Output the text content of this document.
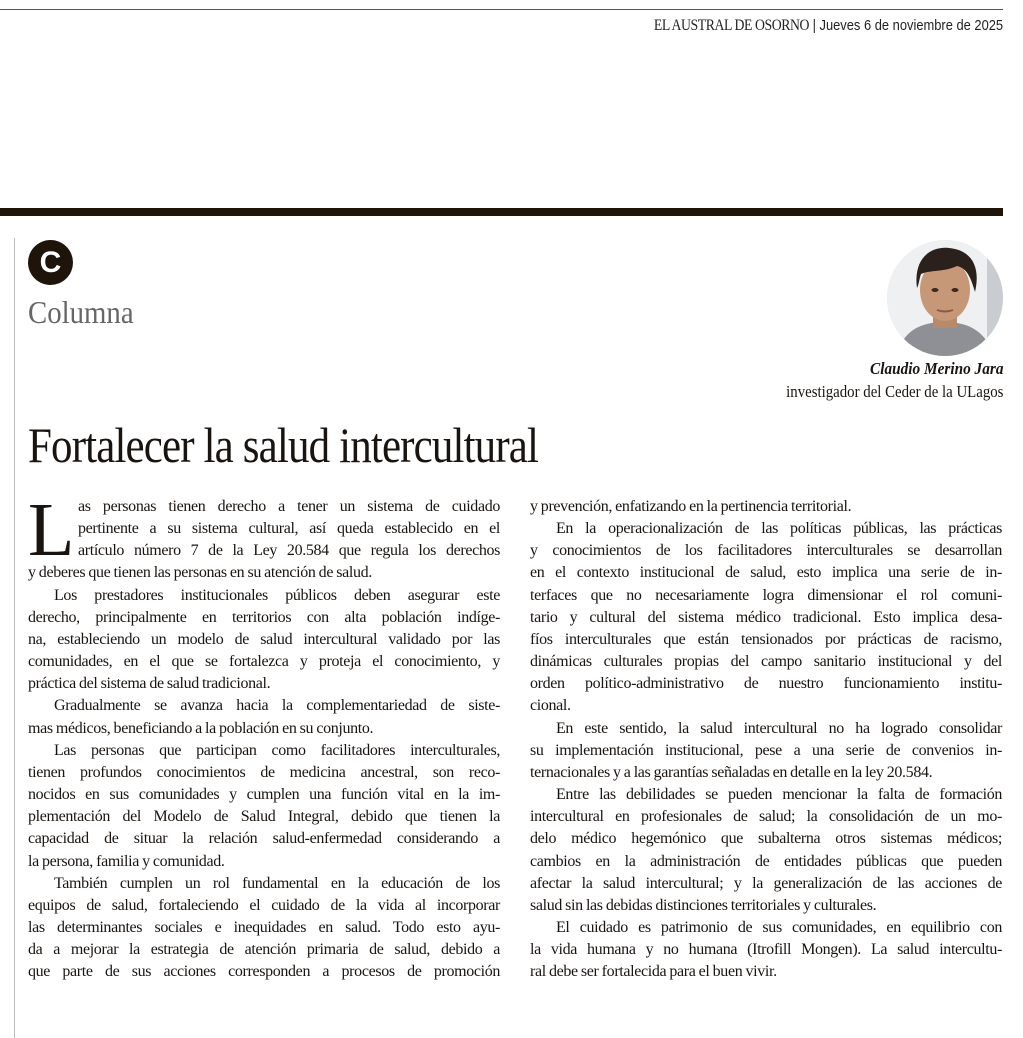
EL AUSTRAL DE OSORNO | Jueves 6 de noviembre de 2025
C
Columna
Claudio Merino Jara
investigador del Ceder de la ULagos
Fortalecer la salud intercultural
L as personas tienen derecho a tener un sistema de cuidado
pertinente a su sistema cultural, así queda establecido en el
artículo número 7 de la Ley 20.584 que regula los derechos
y deberes que tienen las personas en su atención de salud.
Los prestadores institucionales públicos deben asegurar este
derecho, principalmente en territorios con alta población indíge-
na, estableciendo un modelo de salud intercultural validado por las
comunidades, en el que se fortalezca y proteja el conocimiento, y
práctica del sistema de salud tradicional.
Gradualmente se avanza hacia la complementariedad de siste-
mas médicos, beneficiando a la población en su conjunto.
Las personas que participan como facilitadores interculturales,
tienen profundos conocimientos de medicina ancestral, son reco-
nocidos en sus comunidades y cumplen una función vital en la im-
plementación del Modelo de Salud Integral, debido que tienen la
capacidad de situar la relación salud-enfermedad considerando a
la persona, familia y comunidad.
También cumplen un rol fundamental en la educación de los
equipos de salud, fortaleciendo el cuidado de la vida al incorporar
las determinantes sociales e inequidades en salud. Todo esto ayu-
da a mejorar la estrategia de atención primaria de salud, debido a
que parte de sus acciones corresponden a procesos de promoción
y prevención, enfatizando en la pertinencia territorial.
En la operacionalización de las políticas públicas, las prácticas
y conocimientos de los facilitadores interculturales se desarrollan
en el contexto institucional de salud, esto implica una serie de in-
terfaces que no necesariamente logra dimensionar el rol comuni-
tario y cultural del sistema médico tradicional. Esto implica desa-
fíos interculturales que están tensionados por prácticas de racismo,
dinámicas culturales propias del campo sanitario institucional y del
orden político-administrativo de nuestro funcionamiento institu-
cional.
En este sentido, la salud intercultural no ha logrado consolidar
su implementación institucional, pese a una serie de convenios in-
ternacionales y a las garantías señaladas en detalle en la ley 20.584.
Entre las debilidades se pueden mencionar la falta de formación
intercultural en profesionales de salud; la consolidación de un mo-
delo médico hegemónico que subalterna otros sistemas médicos;
cambios en la administración de entidades públicas que pueden
afectar la salud intercultural; y la generalización de las acciones de
salud sin las debidas distinciones territoriales y culturales.
El cuidado es patrimonio de sus comunidades, en equilibrio con
la vida humana y no humana (Itrofill Mongen). La salud intercultu-
ral debe ser fortalecida para el buen vivir.
